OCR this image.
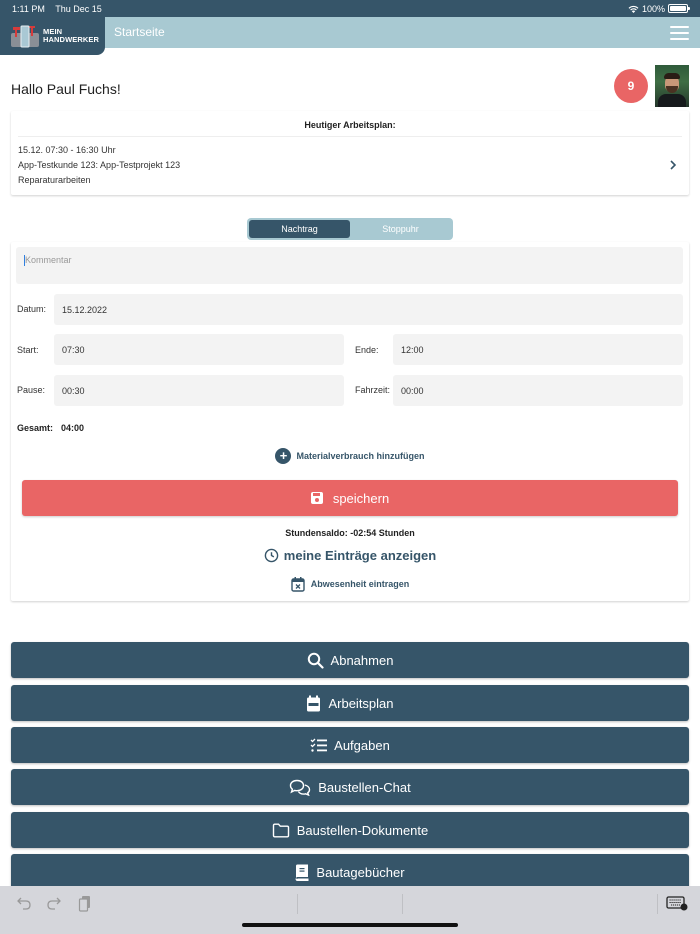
1:11 PM Thu Dec 15	100%
MEIN
HANDWERKER
Startseite
Hallo Paul Fuchs!	9
Heutiger Arbeitsplan:
15.12. 07:30 - 16:30 Uhr
App-Testkunde 123: App-Testprojekt 123
Reparaturarbeiten
Nachtrag	Stoppuhr
Kommentar
Datum:	15.12.2022
Start:	07:30	Ende:	12:00
Pause:	00:30	Fahrzeit:	00:00
Gesamt: 04:00
+	Materialverbrauch hinzufügen
speichern
Stundensaldo: -02:54 Stunden
meine Einträge anzeigen
Abwesenheit eintragen
Abnahmen
Arbeitsplan
Aufgaben
Baustellen-Chat
Baustellen-Dokumente
Bautagebücher
